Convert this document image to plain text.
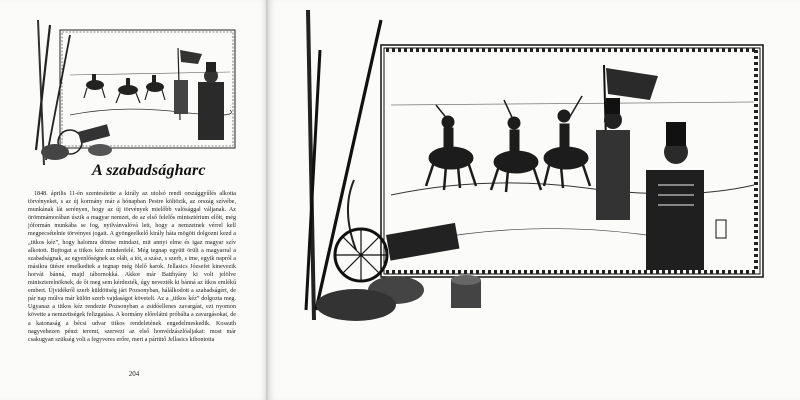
A szabadságharc

1848. április 11-én szentesítette a király az utolsó rendi országgyűlés alkotta törvényeket, s az új kormány már a hónapban Pestre költözik, az ország szívébe, munkának lát serényen, hogy az új törvények mielőbb valósággal váljanak. Az örömmámorában úszik a magyar nemzet, de az első felelős minisztérium előtt, még jóformán munkába se fog, nyilvánvalóvá lett, hogy a nemzetnek vérrel kell megpecsételnie törvényes jogait. A gyöngeelkelő király háta mögött dolgozni kezd a „titkos kéz”, hogy halomra döntse mindazt, mit annyi elme és igaz magyar szív alkotott. Bujtogat a titkos kéz mindenfelé. Még tegnap együtt örült a magyarral a szabadságnak, az egyenlőségnek az oláh, a tót, a szász, s szerb, s ime, egyik napról a másikra ütésre emelkedtek a tegnap még ölelő karok. Jellasics Józsefet kinevezik horvát bánná, majd tábornokká. Akkor már Batthyány ki volt jelölve miniszterelnöknek, de őt meg sem kérdezték, úgy nevezték ki bánná az ítkos emlékű embert. Újvidékről szerb küldöttség járt Pozsonyban, hálálkodott a szabadságért, de pár nap múlva már külön szerb vajdaságot követelt. Az a „titkos kéz” dolgozta meg. Ugyanaz a titkos kéz rendezte Pozsonyban a zsidóellenes zavargást, ezt nyomon követte a nemzetiségek felizgatása. A kormány előrelátni próbálta a zavargásokat, de a katonaság a bécsi udvar titkos rendeletének engedelmeskedik. Kossuth nagyvehezen pénzt teremt, szervezi az első honvédzászlóaljakat: most már csakugyan szükség volt a fegyveres erőre, mert a pártütő Jellasics kibontotta

204
